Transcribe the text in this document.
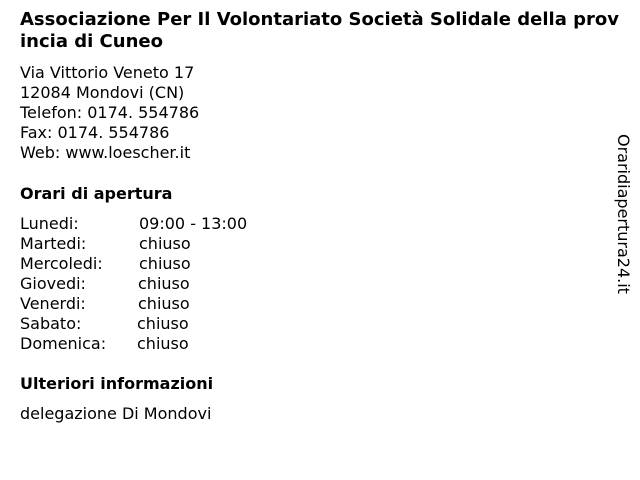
Associazione Per Il Volontariato Società Solidale della provincia di Cuneo
Via Vittorio Veneto 17
12084 Mondovi (CN)
Telefon: 0174. 554786
Fax: 0174. 554786
Web: www.loescher.it
Orari di apertura
Lunedi:	09:00 - 13:00
Martedi:	chiuso
Mercoledi: chiuso
Giovedi:	chiuso
Venerdi:	chiuso
Sabato:	chiuso
Domenica: chiuso
Ulteriori informazioni
delegazione Di Mondovi
Oraridiapertura24.it
